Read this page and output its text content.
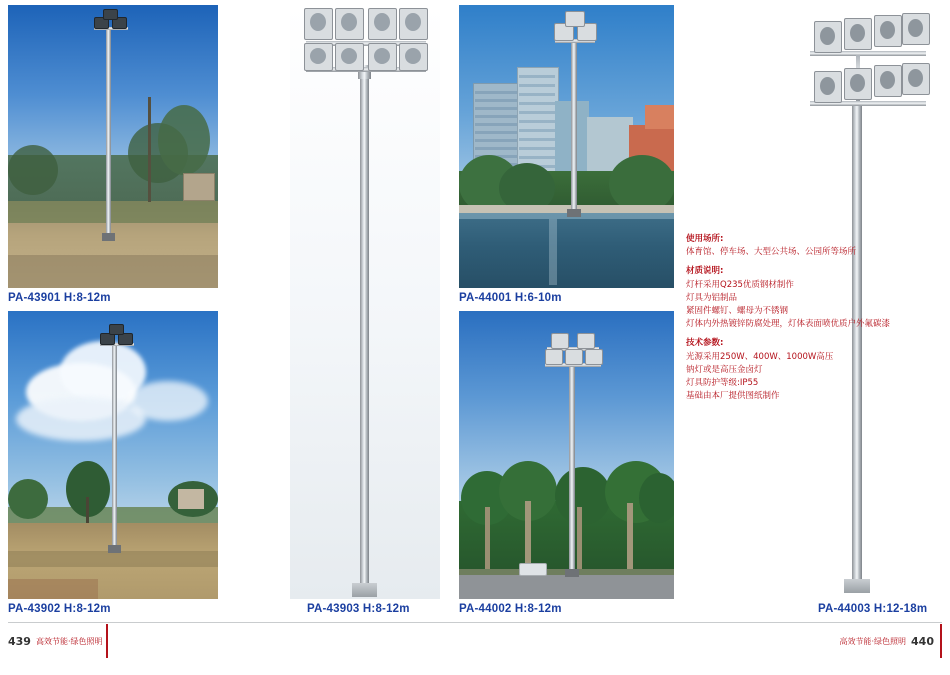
PA-43901 H:8-12m
PA-43902 H:8-12m	PA-43903 H:8-12m
PA-44001 H:6-10m
PA-44002 H:8-12m	PA-44003 H:12-18m
使用场所:
体育馆、停车场、大型公共场、公园所等场所
材质说明:
灯杆采用Q235优质钢材制作
灯具为铝制品
紧固件螺钉、螺母为不锈钢
灯体内外热镀锌防腐处理，灯体表面喷优质户外氟碳漆
技术参数:
光源采用250W、400W、1000W高压
钠灯或是高压金卤灯
灯具防护等级:IP55
基础由本厂提供图纸制作
439 高效节能·绿色照明	高效节能·绿色照明 440
